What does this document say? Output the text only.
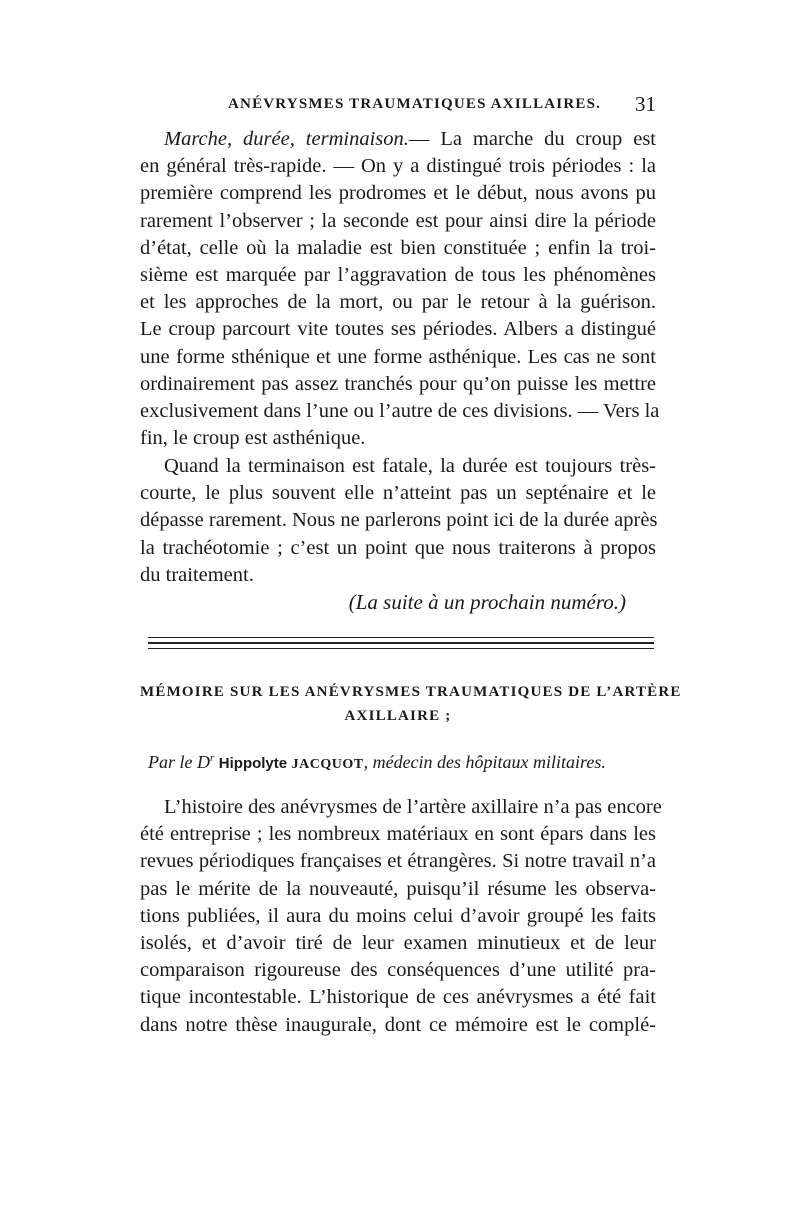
ANÉVRYSMES TRAUMATIQUES AXILLAIRES. 31
Marche, durée, terminaison.— La marche du croup est
en général très-rapide. — On y a distingué trois périodes : la
première comprend les prodromes et le début, nous avons pu
rarement l’observer ; la seconde est pour ainsi dire la période
d’état, celle où la maladie est bien constituée ; enfin la troi-
sième est marquée par l’aggravation de tous les phénomènes
et les approches de la mort, ou par le retour à la guérison.
Le croup parcourt vite toutes ses périodes. Albers a distingué
une forme sthénique et une forme asthénique. Les cas ne sont
ordinairement pas assez tranchés pour qu’on puisse les mettre
exclusivement dans l’une ou l’autre de ces divisions. — Vers la
fin, le croup est asthénique.
Quand la terminaison est fatale, la durée est toujours très-
courte, le plus souvent elle n’atteint pas un septénaire et le
dépasse rarement. Nous ne parlerons point ici de la durée après
la trachéotomie ; c’est un point que nous traiterons à propos
du traitement.
(La suite à un prochain numéro.)
MÉMOIRE SUR LES ANÉVRYSMES TRAUMATIQUES DE L’ARTÈRE
AXILLAIRE ;
Par le $D^r$ Hippolyte JACQUOT, médecin des hôpitaux militaires.
L’histoire des anévrysmes de l’artère axillaire n’a pas encore
été entreprise ; les nombreux matériaux en sont épars dans les
revues périodiques françaises et étrangères. Si notre travail n’a
pas le mérite de la nouveauté, puisqu’il résume les observa-
tions publiées, il aura du moins celui d’avoir groupé les faits
isolés, et d’avoir tiré de leur examen minutieux et de leur
comparaison rigoureuse des conséquences d’une utilité pra-
tique incontestable. L’historique de ces anévrysmes a été fait
dans notre thèse inaugurale, dont ce mémoire est le complé-
